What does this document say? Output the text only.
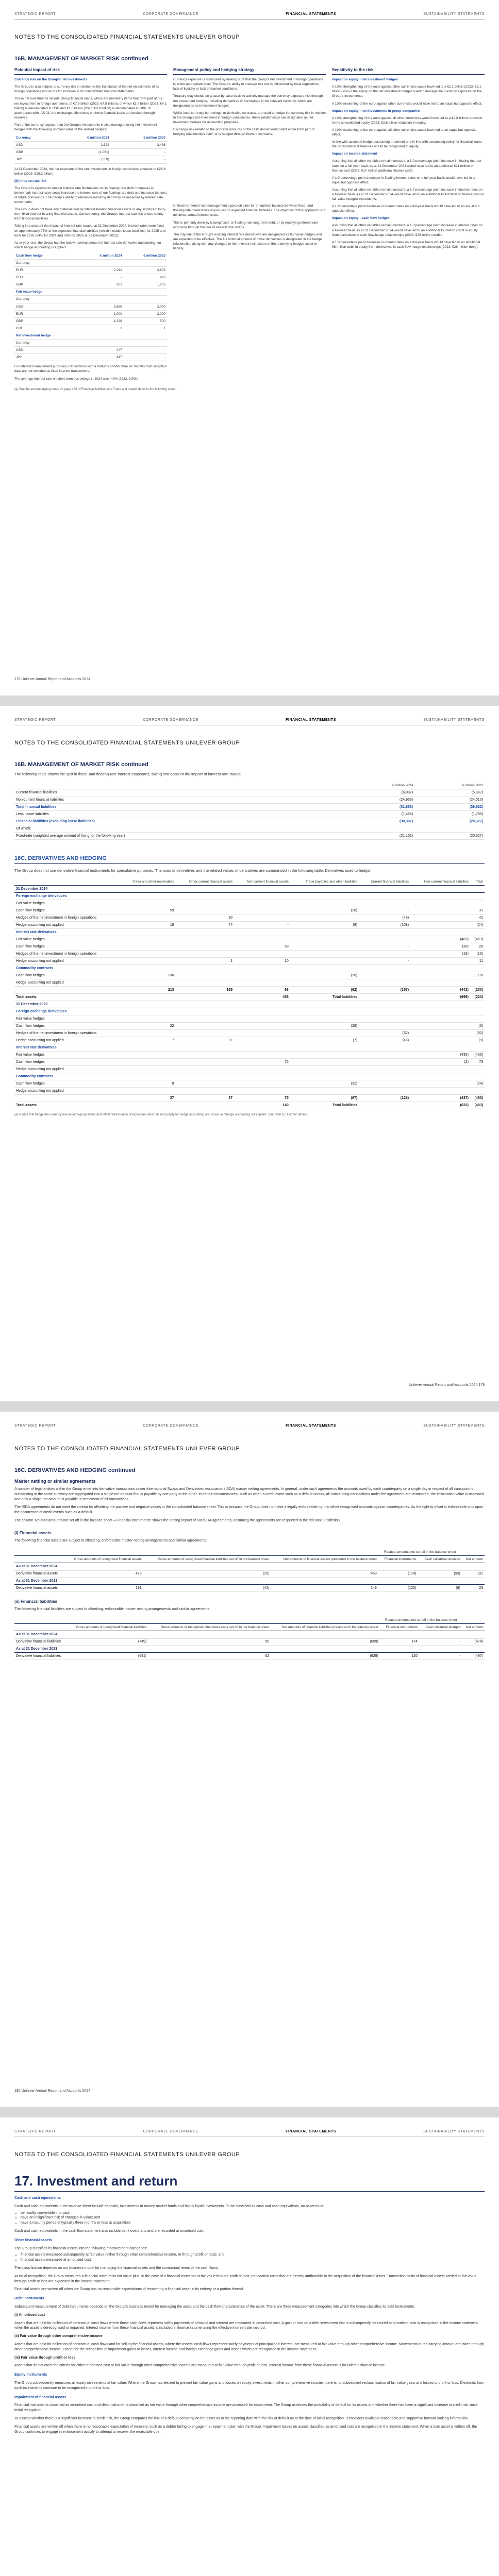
STRATEGIC REPORT	CORPORATE GOVERNANCE	FINANCIAL STATEMENTS	SUSTAINABILITY STATEMENTS
NOTES TO THE CONSOLIDATED FINANCIAL STATEMENTS UNILEVER GROUP
16B. MANAGEMENT OF MARKET RISK continued
Potential impact of risk

Currency risk on the Group's net investments

The Group is also subject to currency risk in relation to the translation of the net investments of its foreign operations into euros for inclusion in its consolidated financial statements.

These net investments include Group financial loans, which are monetary items that form part of our net investment in foreign operations, of €7.9 billion (2023: €7.8 billion), of which €3.9 billion (2023: €4.1 billion) is denominated in USD and €1.0 billion (2023: €0.9 billion) is denominated in GBP. In accordance with IAS 21, the exchange differences on these financial loans are booked through reserves.

Part of the currency exposure on the Group's investments is also managed using net investment hedges with the following nominal value of the related hedges:

Currency	€ million 2024	€ million 2023
USD	2,322	2,436
GBP	(1,061)	-
JPY	(558)	-

At 31 December 2024, the net exposure of the net investments in foreign currencies amounts to €28.8 billion (2023: €28.2 billion).

(iii) Interest rate risk

The Group is exposed to market interest rate fluctuations on its floating rate debt. Increases in benchmark interest rates could increase the interest cost of our floating rate debt and increase the cost of future borrowings. The Group's ability to refinance maturing debt may be impacted by interest rate movements.

The Group does not have any material floating interest bearing financial assets or any significant long-term fixed interest bearing financial assets. Consequently, the Group's interest rate risk arises mainly from financial liabilities.

Taking into account the impact of interest rate swaps, at 31 December 2024, interest rates were fixed on approximately 76% of the expected financial liabilities (which includes lease liabilities) for 2025 and 65% for 2026 (84% for 2024 and 76% for 2025 at 31 December 2023).

As at year-end, the Group had the below nominal amount of interest rate derivative outstanding, on which hedge accounting is applied:

Cash flow hedge	€ million 2024	€ million 2023
Currency		
EUR	2,211	2,603
USD	-	926
GBP	361	1,205
Fair value hedge		
Currency		
USD	2,666	2,000
EUR	1,000	2,000
GBP	1,298	500
CHF	1	1
Net investment hedge		
Currency		
USD	447	-
JPY	447	-

For interest management purposes, transactions with a maturity shorter than six months from inception date are not included as fixed interest transactions.

The average interest rate on short-term borrowings in 2024 was 4.0% (2023: 3.9%).

Management policy and hedging strategy

Currency exposure is minimised by making sure that the Group's net investment in foreign operations is at the appropriate level. The Group's ability to manage this risk is influenced by local regulations, lack of liquidity or lack of market conditions.

Treasury may decide on a case-by-case basis to actively manage the currency exposure risk through net investment hedges, including derivatives or borrowings in the relevant currency, which are designated as net investment hedges.

Whilst local currency borrowings, or derivative contracts, are used to hedge the currency risk in relation to the Group's net investment in foreign subsidiaries, these relationships are designated as net investment hedges for accounting purposes.

Exchange risk related to the principal amounts of the USD denominated debt either form part of hedging relationships itself, or is hedged through forward contracts.

Unilever's interest rate management approach aims for an optimal balance between fixed- and floating-rate interest rate exposures on expected financial liabilities. The objective of this approach is to minimise annual interest costs.

This is primarily done by issuing fixed- or floating-rate long-term debt, or by modifying interest rate exposure through the use of interest rate swaps.

The majority of the Group's existing interest rate derivatives are designated as fair value hedges and are expected to be effective. The full notional amount of those derivatives is designated in the hedge relationship, along with any changes to the relevant risk factors of the underlying hedged asset or liability.

Sensitivity to the risk

Impact on equity - net investment hedges

A 10% strengthening of the euro against other currencies would have led to a €2.1 billion (2023: €2.1 billion) loss in the equity on the net investment hedges used to manage the currency exposure on the Group's investments.

A 10% weakening of the euro against other currencies would have led to an equal but opposite effect.

Impact on equity - net investments in group companies

A 10% strengthening of the euro against all other currencies would have led to a €2.8 billion reduction in the consolidated equity (2023: €2.8 billion reduction in equity).

A 10% weakening of the euro against all other currencies would have led to an equal but opposite effect.

In line with accepted hedge accounting treatment and in line with accounting policy for financial loans, the retranslation differences would be recognised in equity.

Impact on income statement

Assuming that all other variables remain constant, a 1.0 percentage point increase in floating interest rates on a full-year basis as at 31 December 2024 would have led to an additional €11 million of finance cost (2023: €17 million additional finance cost).

A 1.0 percentage point decrease in floating interest rates on a full-year basis would have led to an equal but opposite effect.

Assuming that all other variables remain constant, a 1.0 percentage point increase in interest rates on a full-year basis as at 31 December 2024 would have led to an additional €24 million of finance cost on fair value hedged instruments.

A 1.0 percentage point decrease in interest rates on a full-year basis would have led to an equal but opposite effect.

Impact on equity - cash flow hedges

Assuming that all other variables remain constant, a 1.0 percentage point increase in interest rates on a full-year basis as at 31 December 2024 would have led to an additional €7 million credit in equity from derivatives in cash flow hedge relationships (2023: €26 million credit).

A 1.0 percentage point decrease in interest rates on a full-year basis would have led to an additional €6 million debit in equity from derivatives in cash flow hedge relationships (2023: €26 million debit).

(a) See the accompanying notes on page 180 of Financial liabilities and Trade and related items in the following notes.
178 Unilever Annual Report and Accounts 2024
STRATEGIC REPORT	CORPORATE GOVERNANCE	FINANCIAL STATEMENTS	SUSTAINABILITY STATEMENTS
NOTES TO THE CONSOLIDATED FINANCIAL STATEMENTS UNILEVER GROUP
16B. MANAGEMENT OF MARKET RISK continued
The following table shows the split in fixed- and floating-rate interest exposures, taking into account the impact of interest rate swaps:
	€ million 2024	€ million 2023
Current financial liabilities	(6,887)	(5,887)
Non-current financial liabilities	(24,966)	(24,510)
Total financial liabilities	(31,853)	(29,622)
Less: lease liabilities	(1,466)	(1,295)
Financial liabilities (excluding lease liabilities)	(30,387)	(28,327)
Of which:		
Fixed-rate (weighted average amount of fixing for the following year)	(21,151)	(20,327)
16C. DERIVATIVES AND HEDGING
The Group does not use derivative financial instruments for speculative purposes. The uses of derivatives and the related values of derivatives are summarised in the following table. Derivatives used to hedge:
	Trade and other receivables	Other current financial assets	Non-current financial assets	Trade payables and other liabilities	Current financial liabilities	Non-current financial liabilities	Total
31 December 2024							
Foreign exchange derivatives							
Fair value hedges							
Cash flow hedges	59		-	(28)	-		31
Hedges of the net investment in foreign operations		90			(49)		41
Hedge accounting not applied	18	74	-	(8)	(108)		(24)
Interest rate derivatives							
Fair value hedges						(463)	(463)
Cash flow hedges			58		-	(30)	28
Hedges of the net investment in foreign operations						(16)	(16)
Hedge accounting not applied		1	10		-		11
Commodity contracts							
Cash flow hedges	136		-	(26)	-		110
Hedge accounting not applied							
	213	165	68	(62)	(157)	(442)	(230)
Total assets			458	Total liabilities		(699)	(230)
31 December 2023							
Foreign exchange derivatives							
Fair value hedges							
Cash flow hedges	22			(28)			(6)
Hedges of the net investment in foreign operations					(82)		(82)
Hedge accounting not applied	7	37		(7)	(46)		(9)
Interest rate derivatives							
Fair value hedges						(435)	(435)
Cash flow hedges			75			(2)	73
Hedge accounting not applied							
Commodity contracts							
Cash flow hedges	8			(32)			(24)
Hedge accounting not applied							
	37	37	75	(67)	(128)	(437)	(483)
Total assets			149	Total liabilities		(632)	(483)
(a) Hedge that hedge the currency risk on intra-group loans and offset retranslation of exposures which do not qualify for hedge accounting are shown as 'Hedge accounting not applied'. See Note 16. Further details.
Unilever Annual Report and Accounts 2024 179
STRATEGIC REPORT	CORPORATE GOVERNANCE	FINANCIAL STATEMENTS	SUSTAINABILITY STATEMENTS
NOTES TO THE CONSOLIDATED FINANCIAL STATEMENTS UNILEVER GROUP
16C. DERIVATIVES AND HEDGING continued
Master netting or similar agreements
A number of legal entities within the Group enter into derivative transactions under International Swaps and Derivatives Association (ISDA) master netting agreements. In general, under such agreements the amounts owed by each counterparty on a single day in respect of all transactions outstanding in the same currency are aggregated into a single net amount that is payable by one party to the other. In certain circumstances, such as when a credit event such as a default occurs, all outstanding transactions under the agreement are terminated, the termination value is assessed and only a single net amount is payable in settlement of all transactions.
The ISDA agreements do not meet the criteria for offsetting the positive and negative values in the consolidated balance sheet. This is because the Group does not have a legally enforceable right to offset recognised amounts against counterparties. As the right to offset is enforceable only upon the occurrence of credit events such as a default.
The column 'Related amounts not set off in the balance sheet – Financial instruments' shows the netting impact of our ISDA agreements, assuming the agreements are respected in the relevant jurisdiction.
(i) Financial assets
The following financial assets are subject to offsetting, enforceable master netting arrangements and similar agreements.
				Related amounts not set off in the balance sheet		
	Gross amounts of recognised financial assets	Gross amounts of recognised financial liabilities set off in the balance sheet	Net amounts of financial assets presented in the balance sheet	Financial instruments	Cash collateral received	Net amount
As at 31 December 2024						
Derivative financial assets	478	(20)	458	(174)	(93)	191
As at 31 December 2023						
Derivative financial assets	191	(42)	149	(120)	(6)	23
(ii) Financial liabilities
The following financial liabilities are subject to offsetting, enforceable master netting arrangements and similar agreements.
				Related amounts not set off in the balance sheet		
	Gross amounts of recognised financial liabilities	Gross amounts of recognised financial assets set off in the balance sheet	Net amounts of financial liabilities presented in the balance sheet	Financial instruments	Cash collateral pledged	Net amount
As at 31 December 2024						
Derivative financial liabilities	(749)	50	(699)	174	-	(474)
As at 31 December 2023						
Derivative financial liabilities	(691)	62	(629)	120	-	(497)
180 Unilever Annual Report and Accounts 2024
STRATEGIC REPORT	CORPORATE GOVERNANCE	FINANCIAL STATEMENTS	SUSTAINABILITY STATEMENTS
NOTES TO THE CONSOLIDATED FINANCIAL STATEMENTS UNILEVER GROUP
17. Investment and return
Cash and cash equivalents
Cash and cash equivalents in the balance sheet include deposits, investments in money market funds and highly liquid investments. To be classified as cash and cash equivalents, an asset must:
• be readily convertible into cash;
• have an insignificant risk of changes in value; and
• have a maturity period of typically three months or less at acquisition.
Cash and cash equivalents in the cash flow statement also include bank overdrafts and are recorded at amortised cost.
Other financial assets
The Group classifies its financial assets into the following measurement categories:
• financial assets measured subsequently at fair value (either through other comprehensive income, or through profit or loss); and
• financial assets measured at amortised cost.
The classification depends on our business model for managing the financial assets and the contractual terms of the cash flows.
At initial recognition, the Group measures a financial asset at its fair value plus, in the case of a financial asset not at fair value through profit or loss, transaction costs that are directly attributable to the acquisition of the financial asset. Transaction costs of financial assets carried at fair value through profit or loss are expensed in the income statement.
Financial assets are written off when the Group has no reasonable expectations of recovering a financial asset in its entirety or a portion thereof.
Debt instruments
Subsequent measurement of debt instruments depends on the Group's business model for managing the asset and the cash flow characteristics of the asset. There are three measurement categories into which the Group classifies its debt instruments:
(i) Amortised cost
Assets that are held for collection of contractual cash flows where those cash flows represent solely payments of principal and interest are measured at amortised cost. A gain or loss on a debt investment that is subsequently measured at amortised cost is recognised in the income statement when the asset is derecognised or impaired. Interest income from these financial assets is included in finance income using the effective interest rate method.
(ii) Fair value through other comprehensive income
Assets that are held for collection of contractual cash flows and for selling the financial assets, where the assets' cash flows represent solely payments of principal and interest, are measured at fair value through other comprehensive income. Movements in the carrying amount are taken through other comprehensive income, except for the recognition of impairment gains or losses, interest income and foreign exchange gains and losses which are recognised in the income statement.
(iii) Fair value through profit or loss
Assets that do not meet the criteria for either amortised cost or fair value through other comprehensive income are measured at fair value through profit or loss. Interest income from these financial assets is included in finance income.
Equity instruments
The Group subsequently measures all equity investments at fair value. Where the Group has elected to present fair value gains and losses on equity investments in other comprehensive income, there is no subsequent reclassification of fair value gains and losses to profit or loss. Dividends from such investments continue to be recognised in profit or loss.
Impairment of financial assets
Financial instruments classified as amortised cost and debt instruments classified as fair value through other comprehensive income are assessed for impairment. The Group assesses the probability of default on its assets and whether there has been a significant increase in credit risk since initial recognition.
To assess whether there is a significant increase in credit risk, the Group compares the risk of a default occurring on the asset as at the reporting date with the risk of default as at the date of initial recognition. It considers available reasonable and supportive forward-looking information.
Financial assets are written off when there is no reasonable expectation of recovery, such as a debtor failing to engage in a repayment plan with the Group. Impairment losses on assets classified as amortised cost are recognised in the income statement. When a loan asset is written off, the Group continues to engage in enforcement activity to attempt to recover the receivable due.
